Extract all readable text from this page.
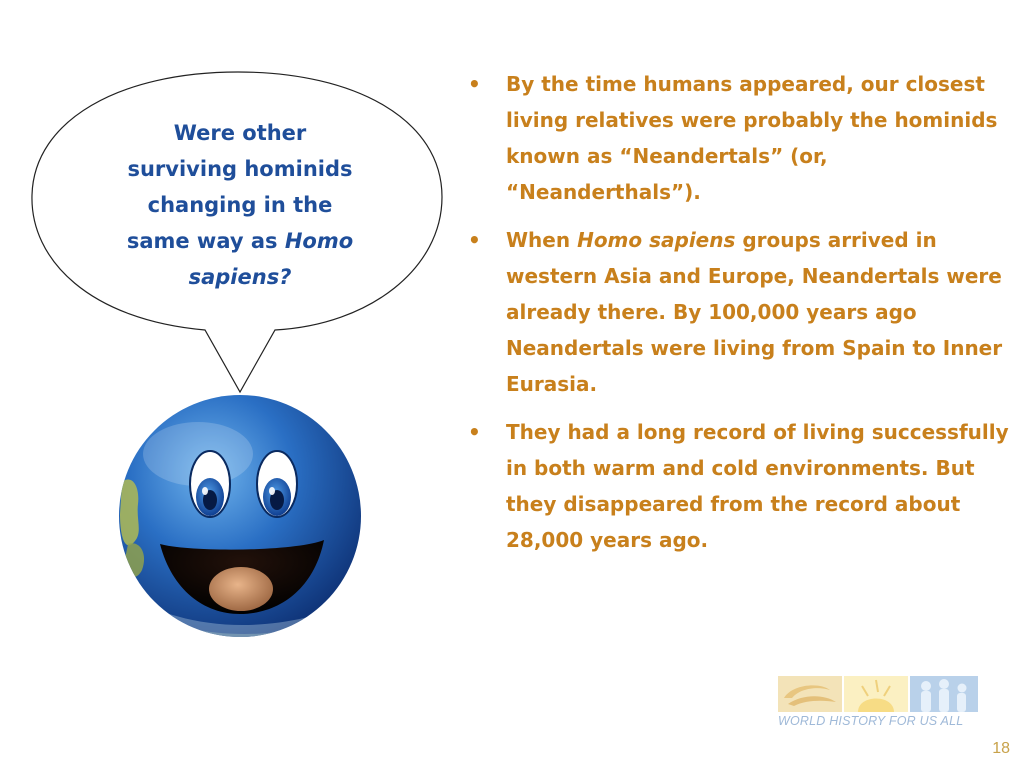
Were other
surviving hominids
changing in the
same way as Homo
sapiens?
• By the time humans appeared, our closest living relatives were probably the hominids known as “Neandertals” (or, “Neanderthals”).
• When Homo sapiens groups arrived in western Asia and Europe, Neandertals were already there. By 100,000 years ago Neandertals were living from Spain to Inner Eurasia.
• They had a long record of living successfully in both warm and cold environments. But they disappeared from the record about 28,000 years ago.
WORLD HISTORY FOR US ALL
18
